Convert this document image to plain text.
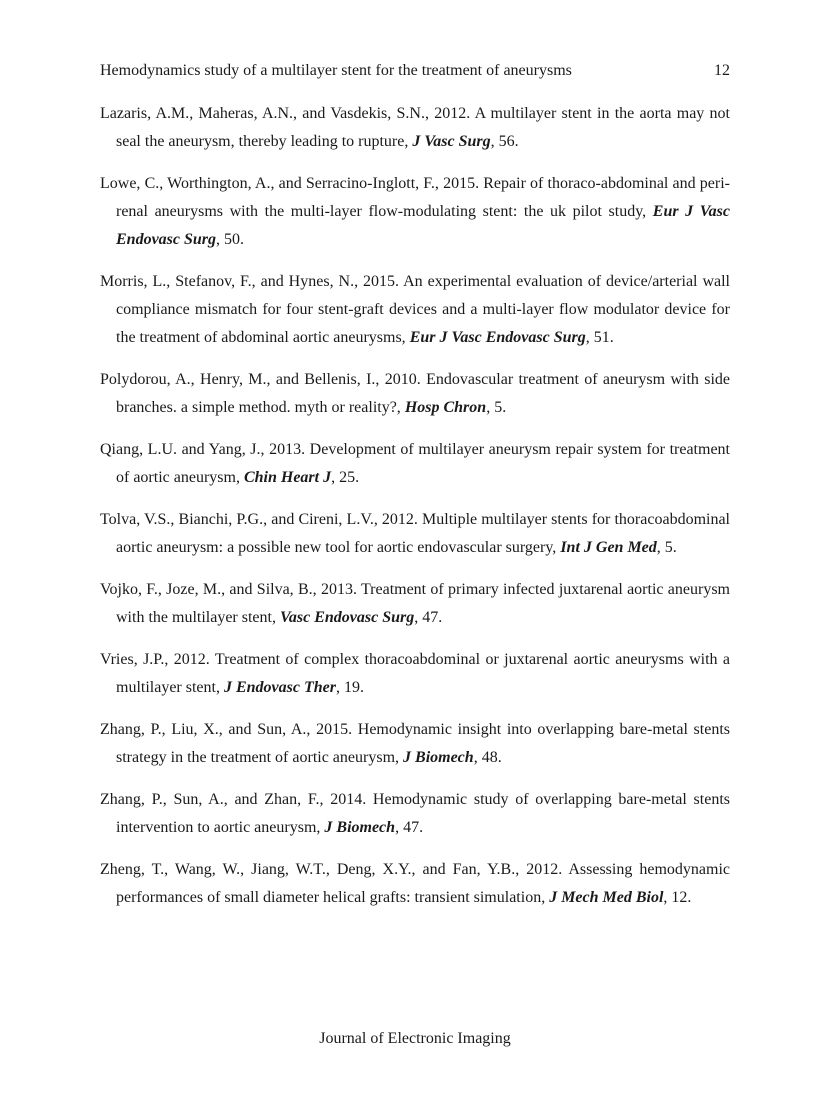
Hemodynamics study of a multilayer stent for the treatment of aneurysms	12

Lazaris, A.M., Maheras, A.N., and Vasdekis, S.N., 2012. A multilayer stent in the aorta may not seal the aneurysm, thereby leading to rupture, J Vasc Surg, 56.

Lowe, C., Worthington, A., and Serracino-Inglott, F., 2015. Repair of thoraco-abdominal and peri-renal aneurysms with the multi-layer flow-modulating stent: the uk pilot study, Eur J Vasc Endovasc Surg, 50.

Morris, L., Stefanov, F., and Hynes, N., 2015. An experimental evaluation of device/arterial wall compliance mismatch for four stent-graft devices and a multi-layer flow modulator device for the treatment of abdominal aortic aneurysms, Eur J Vasc Endovasc Surg, 51.

Polydorou, A., Henry, M., and Bellenis, I., 2010. Endovascular treatment of aneurysm with side branches. a simple method. myth or reality?, Hosp Chron, 5.

Qiang, L.U. and Yang, J., 2013. Development of multilayer aneurysm repair system for treatment of aortic aneurysm, Chin Heart J, 25.

Tolva, V.S., Bianchi, P.G., and Cireni, L.V., 2012. Multiple multilayer stents for thoracoabdominal aortic aneurysm: a possible new tool for aortic endovascular surgery, Int J Gen Med, 5.

Vojko, F., Joze, M., and Silva, B., 2013. Treatment of primary infected juxtarenal aortic aneurysm with the multilayer stent, Vasc Endovasc Surg, 47.

Vries, J.P., 2012. Treatment of complex thoracoabdominal or juxtarenal aortic aneurysms with a multilayer stent, J Endovasc Ther, 19.

Zhang, P., Liu, X., and Sun, A., 2015. Hemodynamic insight into overlapping bare-metal stents strategy in the treatment of aortic aneurysm, J Biomech, 48.

Zhang, P., Sun, A., and Zhan, F., 2014. Hemodynamic study of overlapping bare-metal stents intervention to aortic aneurysm, J Biomech, 47.

Zheng, T., Wang, W., Jiang, W.T., Deng, X.Y., and Fan, Y.B., 2012. Assessing hemodynamic performances of small diameter helical grafts: transient simulation, J Mech Med Biol, 12.

Journal of Electronic Imaging
